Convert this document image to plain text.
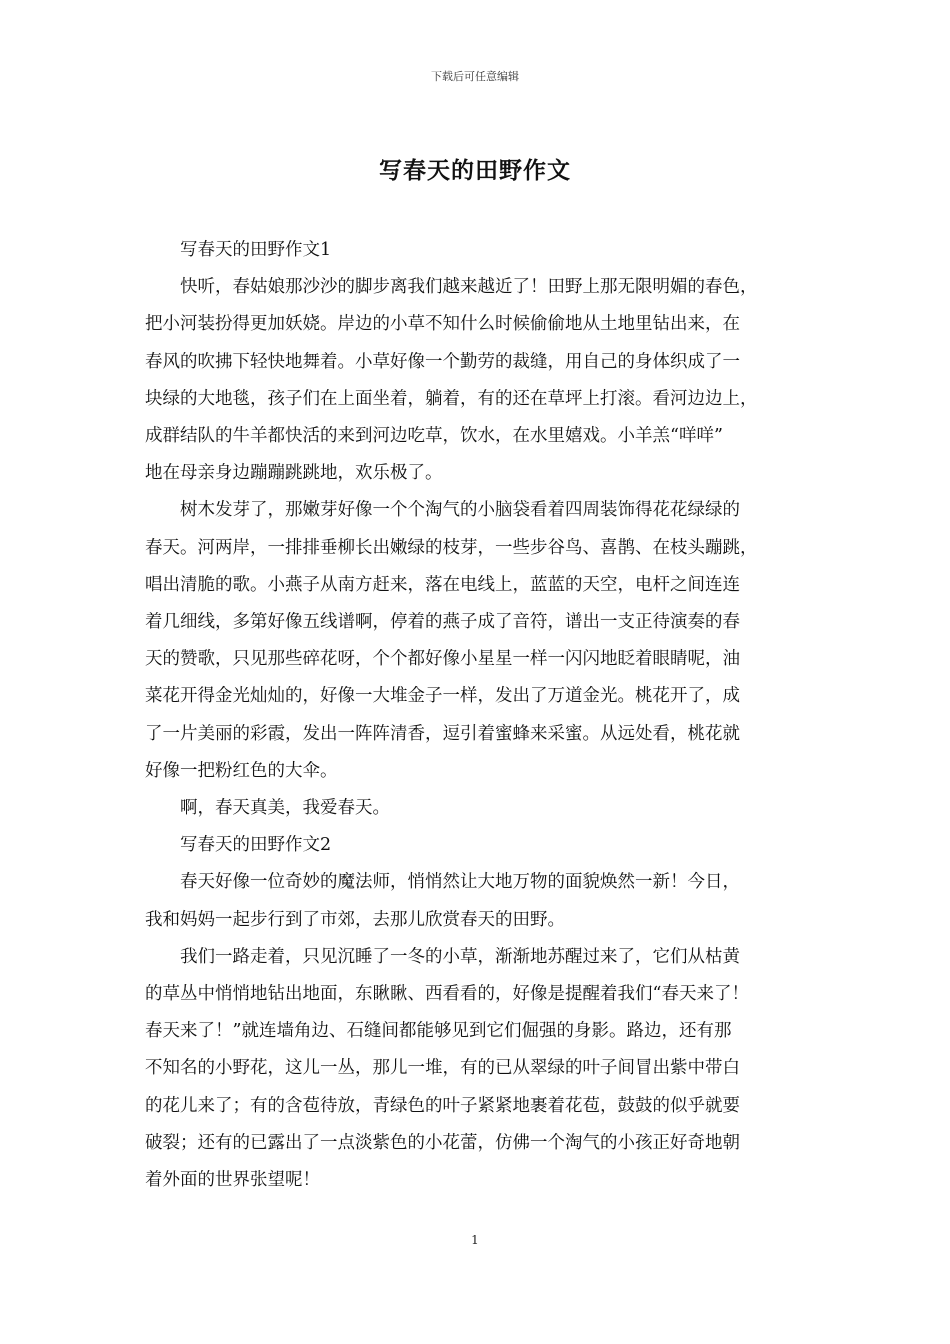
下载后可任意编辑
写春天的田野作文

写春天的田野作文1

快听，春姑娘那沙沙的脚步离我们越来越近了！田野上那无限明媚的春色，
把小河装扮得更加妖娆。岸边的小草不知什么时候偷偷地从土地里钻出来，在
春风的吹拂下轻快地舞着。小草好像一个勤劳的裁缝，用自己的身体织成了一
块绿的大地毯，孩子们在上面坐着，躺着，有的还在草坪上打滚。看河边边上，
成群结队的牛羊都快活的来到河边吃草，饮水，在水里嬉戏。小羊羔“咩咩”
地在母亲身边蹦蹦跳跳地，欢乐极了。

树木发芽了，那嫩芽好像一个个淘气的小脑袋看着四周装饰得花花绿绿的
春天。河两岸，一排排垂柳长出嫩绿的枝芽，一些步谷鸟、喜鹊、在枝头蹦跳，
唱出清脆的歌。小燕子从南方赶来，落在电线上，蓝蓝的天空，电杆之间连连
着几细线，多第好像五线谱啊，停着的燕子成了音符，谱出一支正待演奏的春
天的赞歌，只见那些碎花呀，个个都好像小星星一样一闪闪地眨着眼睛呢，油
菜花开得金光灿灿的，好像一大堆金子一样，发出了万道金光。桃花开了，成
了一片美丽的彩霞，发出一阵阵清香，逗引着蜜蜂来采蜜。从远处看，桃花就
好像一把粉红色的大伞。

啊，春天真美，我爱春天。

写春天的田野作文2

春天好像一位奇妙的魔法师，悄悄然让大地万物的面貌焕然一新！今日，
我和妈妈一起步行到了市郊，去那儿欣赏春天的田野。

我们一路走着，只见沉睡了一冬的小草，渐渐地苏醒过来了，它们从枯黄
的草丛中悄悄地钻出地面，东瞅瞅、西看看的，好像是提醒着我们“春天来了！
春天来了！”就连墙角边、石缝间都能够见到它们倔强的身影。路边，还有那
不知名的小野花，这儿一丛，那儿一堆，有的已从翠绿的叶子间冒出紫中带白
的花儿来了；有的含苞待放，青绿色的叶子紧紧地裹着花苞，鼓鼓的似乎就要
破裂；还有的已露出了一点淡紫色的小花蕾，仿佛一个淘气的小孩正好奇地朝
着外面的世界张望呢！

1
